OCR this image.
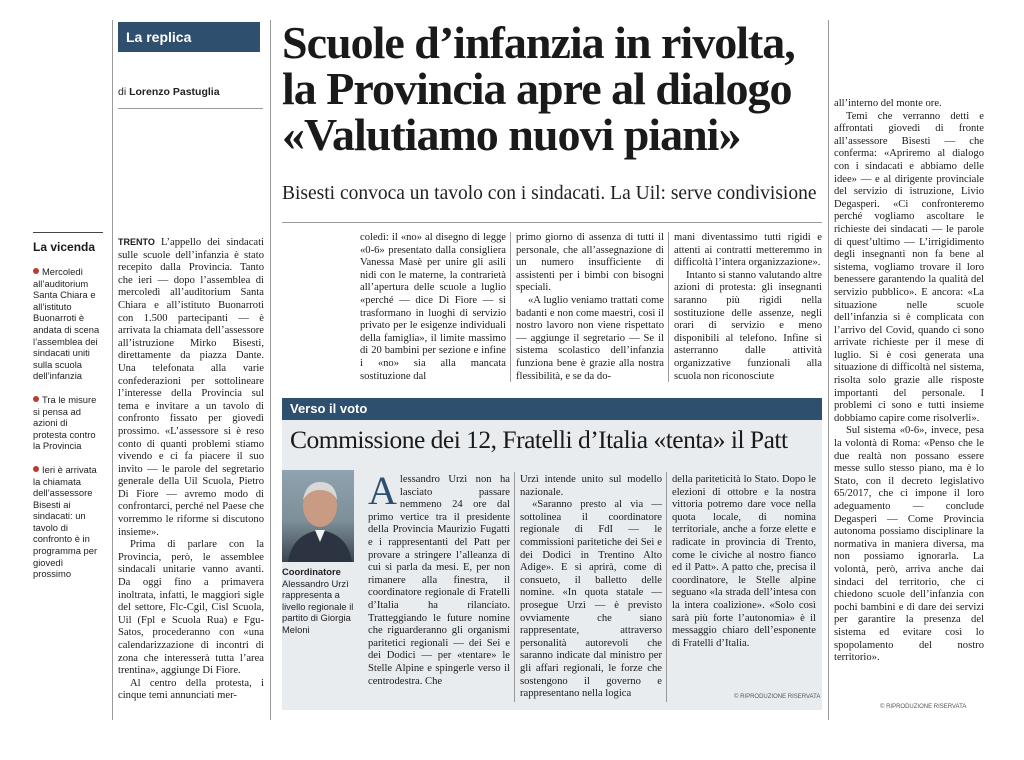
La replica
di Lorenzo Pastuglia
Scuole d’infanzia in rivolta,
la Provincia apre al dialogo
«Valutiamo nuovi piani»
Bisesti convoca un tavolo con i sindacati. La Uil: serve condivisione
La vicenda
Mercoledì all’auditorium Santa Chiara e all’istituto Buonarroti è andata di scena l’assemblea dei sindacati uniti sulla scuola dell’infanzia
Tra le misure si pensa ad azioni di protesta contro la Provincia
Ieri è arrivata la chiamata dell’assessore Bisesti ai sindacati: un tavolo di confronto è in programma per giovedì prossimo

TRENTO L’appello dei sindacati sulle scuole dell’infanzia è stato recepito dalla Provincia. Tanto che ieri — dopo l’assemblea di mercoledì all’auditorium Santa Chiara e all’istituto Buonarroti con 1.500 partecipanti — è arrivata la chiamata dell’assessore all’istruzione Mirko Bisesti, direttamente da piazza Dante. Una telefonata alla varie confederazioni per sottolineare l’interesse della Provincia sul tema e invitare a un tavolo di confronto fissato per giovedì prossimo. «L’assessore si è reso conto di quanti problemi stiamo vivendo e ci fa piacere il suo invito — le parole del segretario generale della Uil Scuola, Pietro Di Fiore — avremo modo di confrontarci, perché nel Paese che vorremmo le riforme si discutono insieme».

Prima di parlare con la Provincia, però, le assemblee sindacali unitarie vanno avanti. Da oggi fino a primavera inoltrata, infatti, le maggiori sigle del settore, Flc-Cgil, Cisl Scuola, Uil (Fpl e Scuola Rua) e Fgu-Satos, procederanno con «una calendarizzazione di incontri di zona che interesserà tutta l’area trentina», aggiunge Di Fiore.

Al centro della protesta, i cinque temi annunciati mer-

coledì: il «no» al disegno di legge «0-6» presentato dalla consigliera Vanessa Masè per unire gli asili nidi con le materne, la contrarietà all’apertura delle scuole a luglio «perché — dice Di Fiore — si trasformano in luoghi di servizio privato per le esigenze individuali della famiglia», il limite massimo di 20 bambini per sezione e infine i «no» sia alla mancata sostituzione dal

primo giorno di assenza di tutti il personale, che all’assegnazione di un numero insufficiente di assistenti per i bimbi con bisogni speciali.

«A luglio veniamo trattati come badanti e non come maestri, così il nostro lavoro non viene rispettato — aggiunge il segretario — Se il sistema scolastico dell’infanzia funziona bene è grazie alla nostra flessibilità, e se da do-

mani diventassimo tutti rigidi e attenti ai contratti metteremmo in difficoltà l’intera organizzazione».

Intanto si stanno valutando altre azioni di protesta: gli insegnanti saranno più rigidi nella sostituzione delle assenze, negli orari di servizio e meno disponibili al telefono. Infine si asterranno dalle attività organizzative funzionali alla scuola non riconosciute

all’interno del monte ore.

Temi che verranno detti e affrontati giovedì di fronte all’assessore Bisesti — che conferma: «Apriremo al dialogo con i sindacati e abbiamo delle idee» — e al dirigente provinciale del servizio di istruzione, Livio Degasperi. «Ci confronteremo perché vogliamo ascoltare le richieste dei sindacati — le parole di quest’ultimo — L’irrigidimento degli insegnanti non fa bene al sistema, vogliamo trovare il loro benessere garantendo la qualità del servizio pubblico». E ancora: «La situazione nelle scuole dell’infanzia si è complicata con l’arrivo del Covid, quando ci sono arrivate richieste per il mese di luglio. Si è così generata una situazione di difficoltà nel sistema, risolta solo grazie alle risposte importanti del personale. I problemi ci sono e tutti insieme dobbiamo capire come risolverli».

Sul sistema «0-6», invece, pesa la volontà di Roma: «Penso che le due realtà non possano essere messe sullo stesso piano, ma è lo Stato, con il decreto legislativo 65/2017, che ci impone il loro adeguamento — conclude Degasperi — Come Provincia autonoma possiamo disciplinare la normativa in maniera diversa, ma non possiamo ignorarla. La volontà, però, arriva anche dai sindaci del territorio, che ci chiedono scuole dell’infanzia con pochi bambini e di dare dei servizi per garantire la presenza del sistema ed evitare così lo spopolamento del nostro territorio».

© RIPRODUZIONE RISERVATA
Verso il voto
Commissione dei 12, Fratelli d’Italia «tenta» il Patt
Coordinatore
Alessandro Urzì rappresenta a livello regionale il partito di Giorgia Meloni

Alessandro Urzì non ha lasciato passare nemmeno 24 ore dal primo vertice tra il presidente della Provincia Maurizio Fugatti e i rappresentanti del Patt per provare a stringere l’alleanza di cui si parla da mesi. E, per non rimanere alla finestra, il coordinatore regionale di Fratelli d’Italia ha rilanciato. Tratteggiando le future nomine che riguarderanno gli organismi paritetici regionali — dei Sei e dei Dodici — per «tentare» le Stelle Alpine e spingerle verso il centrodestra. Che

Urzì intende unito sul modello nazionale.

«Saranno presto al via — sottolinea il coordinatore regionale di FdI — le commissioni paritetiche dei Sei e dei Dodici in Trentino Alto Adige». E si aprirà, come di consueto, il balletto delle nomine. «In quota statale — prosegue Urzì — è previsto ovviamente che siano rappresentate, attraverso personalità autorevoli che saranno indicate dal ministro per gli affari regionali, le forze che sostengono il governo e rappresentano nella logica

della pariteticità lo Stato. Dopo le elezioni di ottobre e la nostra vittoria potremo dare voce nella quota locale, di nomina territoriale, anche a forze elette e radicate in provincia di Trento, come le civiche al nostro fianco ed il Patt». A patto che, precisa il coordinatore, le Stelle alpine seguano «la strada dell’intesa con la intera coalizione». «Solo così sarà più forte l’autonomia» è il messaggio chiaro dell’esponente di Fratelli d’Italia.

© RIPRODUZIONE RISERVATA
